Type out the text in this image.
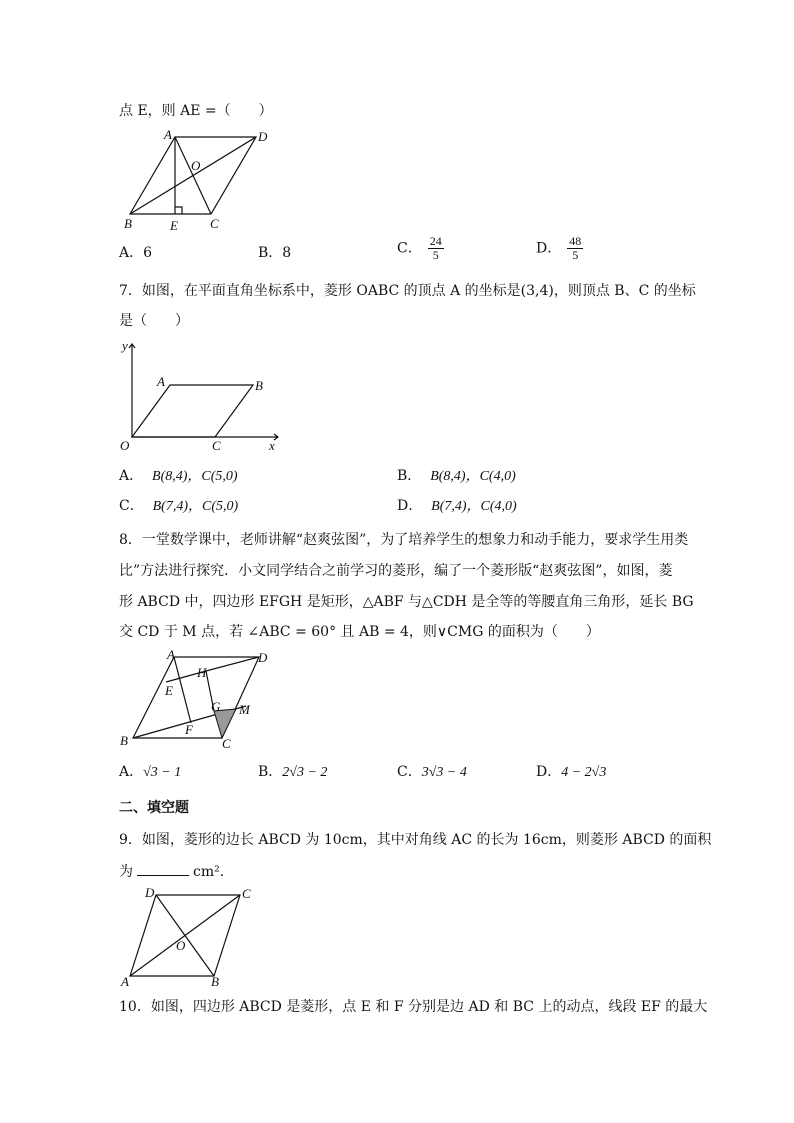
点 E，则 AE =（　　）
A	D
O
B	E C
A．6	B．8	C． $\frac{24}{5}$	D． $\frac{48}{5}$
7．如图，在平面直角坐标系中，菱形 OABC 的顶点 A 的坐标是(3,4)，则顶点 B、C 的坐标
是（　　）
y
A	B
O	C	x
A． B(8,4)，C(5,0)	B． B(8,4)，C(4,0)
C． B(7,4)，C(5,0)	D． B(7,4)，C(4,0)
8．一堂数学课中，老师讲解“赵爽弦图”，为了培养学生的想象力和动手能力，要求学生用类
比”方法进行探究．小文同学结合之前学习的菱形，编了一个菱形版“赵爽弦图”，如图，菱
形 ABCD 中，四边形 EFGH 是矩形，△ABF 与△CDH 是全等的等腰直角三角形，延长 BG
交 CD 于 M 点，若 ∠ABC = 60° 且 AB = 4，则∨CMG 的面积为（　　）
A	D
H
E
G M
F
B	C
A．√3 − 1	B．2√3 − 2	C．3√3 − 4	D．4 − 2√3
二、填空题
9．如图，菱形的边长 ABCD 为 10cm，其中对角线 AC 的长为 16cm，则菱形 ABCD 的面积
为	cm²．
D	C
O
A	B
10．如图，四边形 ABCD 是菱形，点 E 和 F 分别是边 AD 和 BC 上的动点，线段 EF 的最大
